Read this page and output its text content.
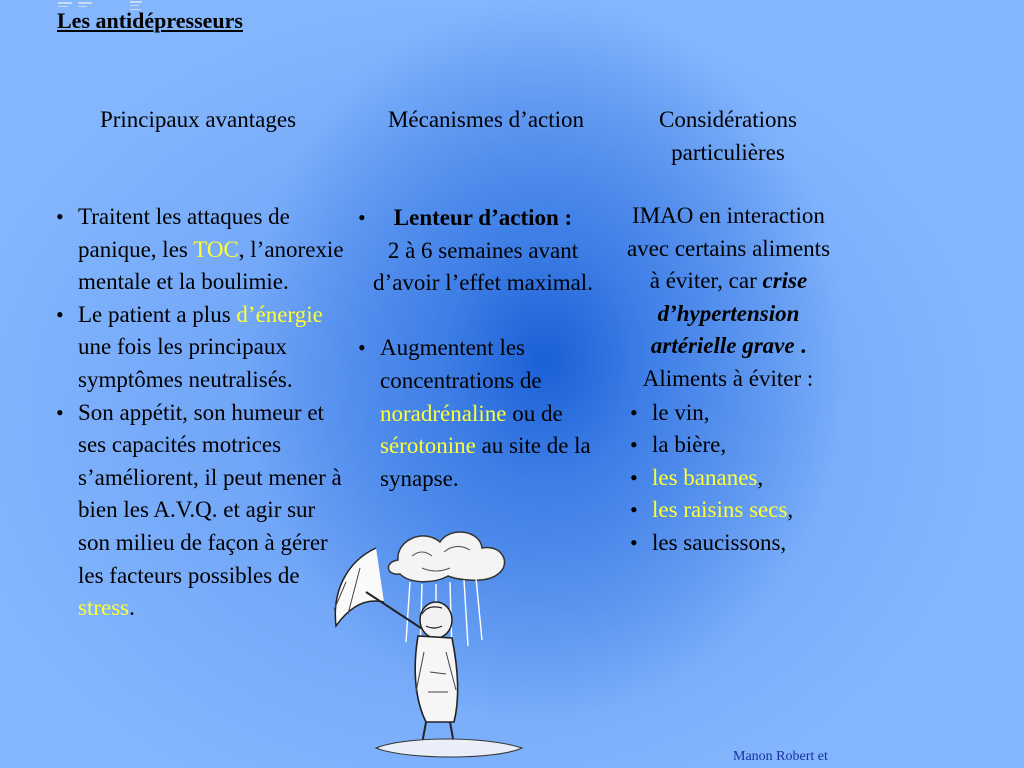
Les antidépresseurs
Principaux avantages	Mécanismes d’action	Considérations particulières
• Traitent les attaques de panique, les TOC, l’anorexie mentale et la boulimie.
• Le patient a plus d’énergie une fois les principaux symptômes neutralisés.
• Son appétit, son humeur et ses capacités motrices s’améliorent, il peut mener à bien les A.V.Q. et agir sur son milieu de façon à gérer les facteurs possibles de stress.
• Lenteur d’action :
2 à 6 semaines avant d’avoir l’effet maximal.
• Augmentent les concentrations de noradrénaline ou de sérotonine au site de la synapse.
IMAO en interaction avec certains aliments à éviter, car crise d’hypertension artérielle grave .
Aliments à éviter :
• le vin,
• la bière,
• les bananes,
• les raisins secs,
• les saucissons,
Manon Robert et
